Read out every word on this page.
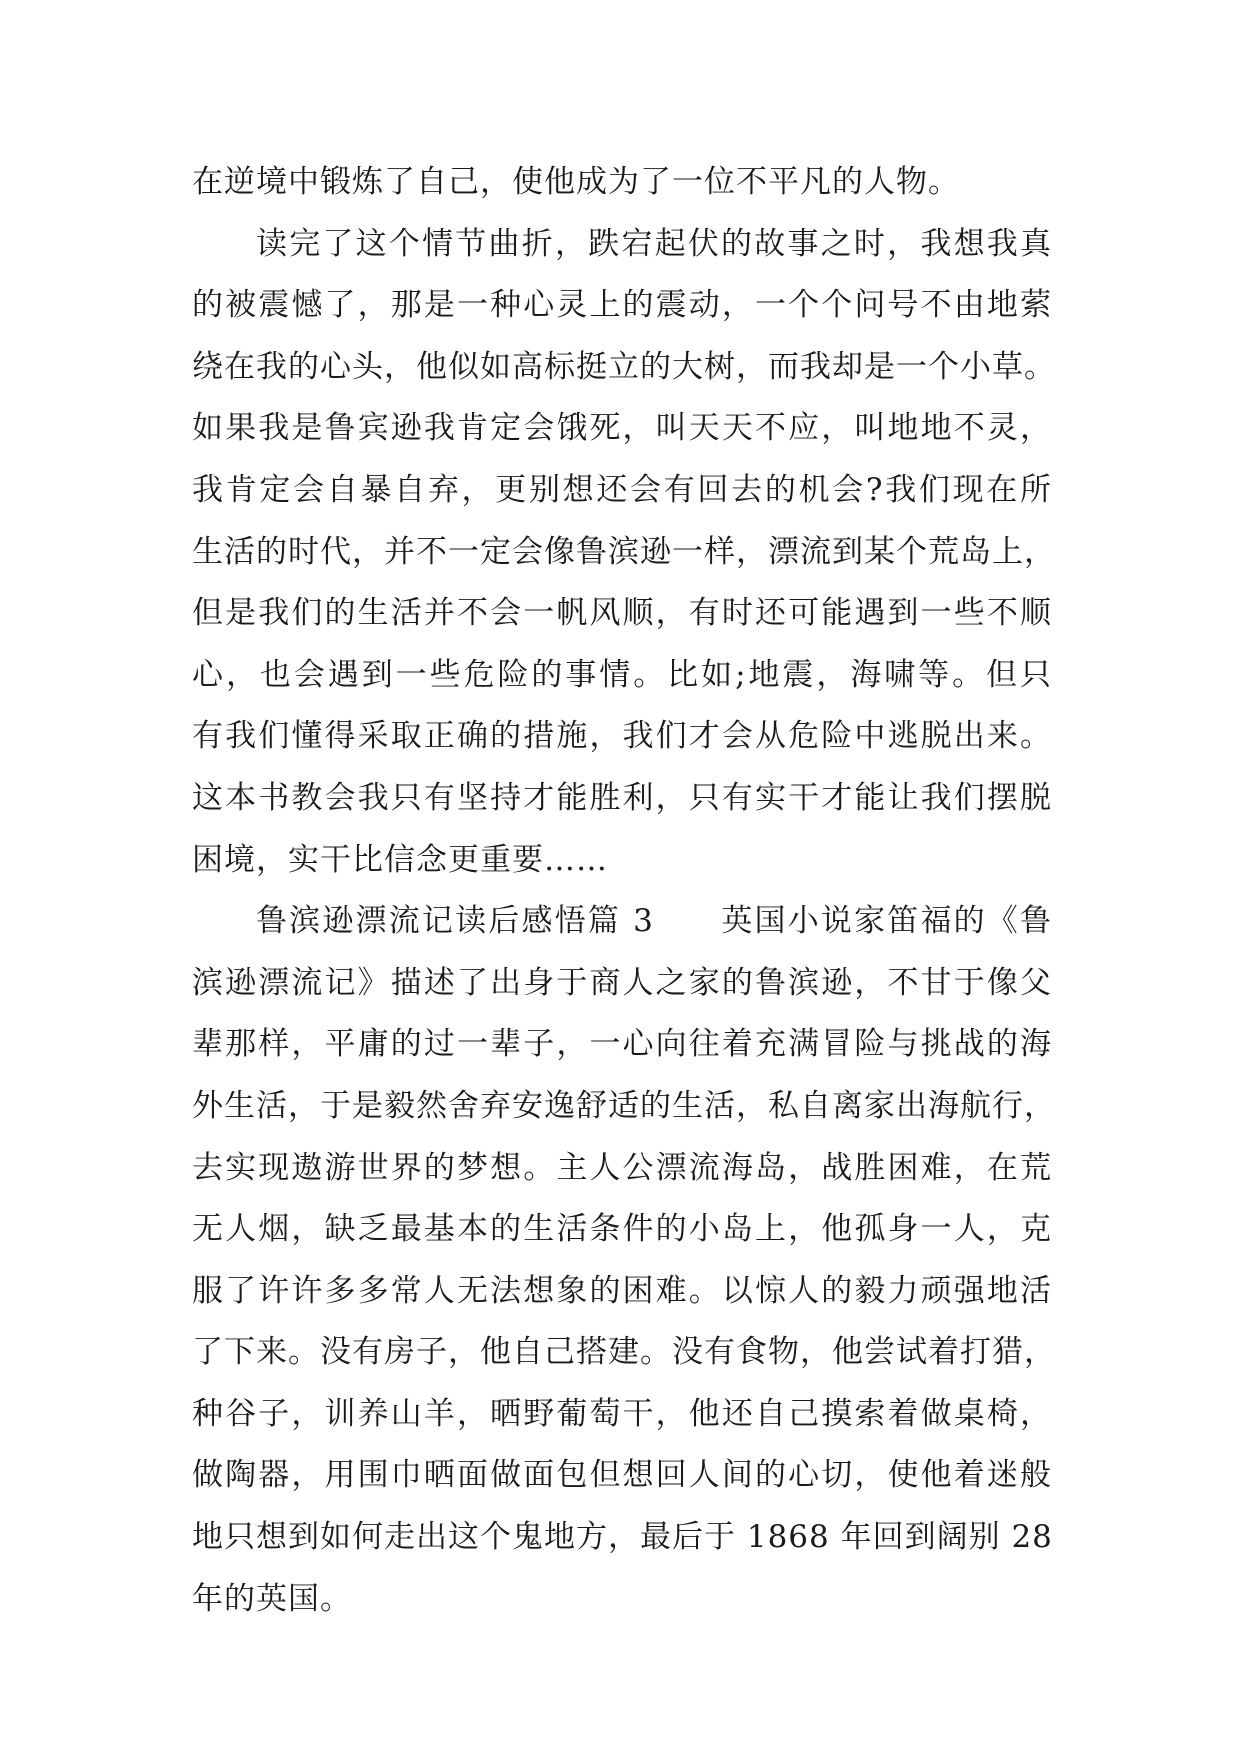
在逆境中锻炼了自己，使他成为了一位不平凡的人物。
读完了这个情节曲折，跌宕起伏的故事之时，我想我真
的被震憾了，那是一种心灵上的震动，一个个问号不由地萦
绕在我的心头，他似如高标挺立的大树，而我却是一个小草。
如果我是鲁宾逊我肯定会饿死，叫天天不应，叫地地不灵，
我肯定会自暴自弃，更别想还会有回去的机会?我们现在所
生活的时代，并不一定会像鲁滨逊一样，漂流到某个荒岛上，
但是我们的生活并不会一帆风顺，有时还可能遇到一些不顺
心，也会遇到一些危险的事情。比如;地震，海啸等。但只
有我们懂得采取正确的措施，我们才会从危险中逃脱出来。
这本书教会我只有坚持才能胜利，只有实干才能让我们摆脱
困境，实干比信念更重要……
鲁滨逊漂流记读后感悟篇 3　　英国小说家笛福的《鲁
滨逊漂流记》描述了出身于商人之家的鲁滨逊，不甘于像父
辈那样，平庸的过一辈子，一心向往着充满冒险与挑战的海
外生活，于是毅然舍弃安逸舒适的生活，私自离家出海航行，
去实现遨游世界的梦想。主人公漂流海岛，战胜困难，在荒
无人烟，缺乏最基本的生活条件的小岛上，他孤身一人，克
服了许许多多常人无法想象的困难。以惊人的毅力顽强地活
了下来。没有房子，他自己搭建。没有食物，他尝试着打猎，
种谷子，训养山羊，晒野葡萄干，他还自己摸索着做桌椅，
做陶器，用围巾晒面做面包但想回人间的心切，使他着迷般
地只想到如何走出这个鬼地方，最后于 1868 年回到阔别 28
年的英国。
